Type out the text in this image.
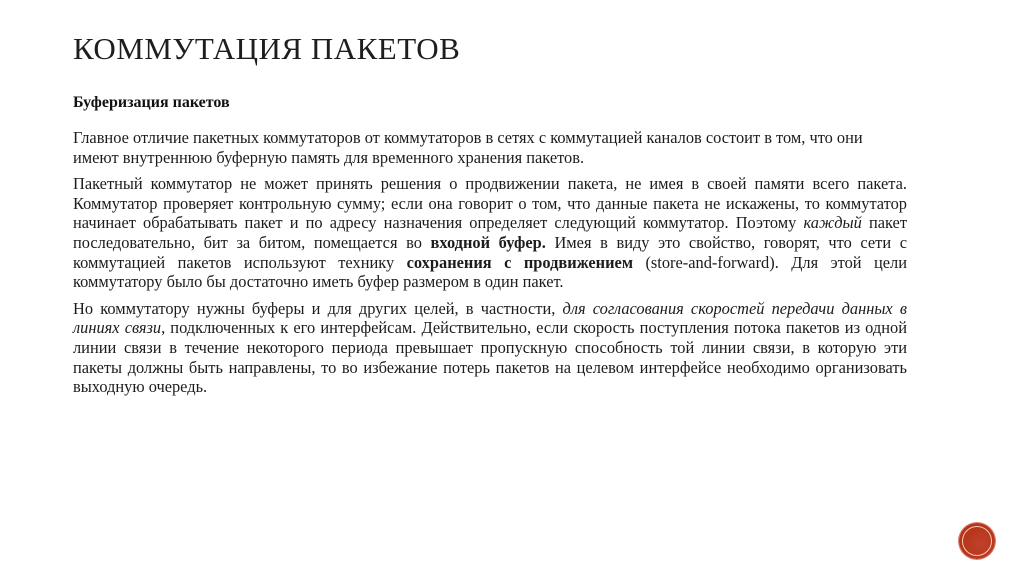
КОММУТАЦИЯ ПАКЕТОВ
Буферизация пакетов

Главное отличие пакетных коммутаторов от коммутаторов в сетях с коммутацией каналов состоит в том, что они имеют внутреннюю буферную память для временного хранения пакетов.

Пакетный коммутатор не может принять решения о продвижении пакета, не имея в своей памяти всего пакета. Коммутатор проверяет контрольную сумму; если она говорит о том, что данные пакета не искажены, то коммутатор начинает обрабатывать пакет и по адресу назначения определяет следующий коммутатор. Поэтому каждый пакет последовательно, бит за битом, помещается во входной буфер. Имея в виду это свойство, говорят, что сети с коммутацией пакетов используют технику сохранения с продвижением (store-and-forward). Для этой цели коммутатору было бы достаточно иметь буфер размером в один пакет.

Но коммутатору нужны буферы и для других целей, в частности, для согласования скоростей передачи данных в линиях связи, подключенных к его интерфейсам. Действительно, если скорость поступления потока пакетов из одной линии связи в течение некоторого периода превышает пропускную способность той линии связи, в которую эти пакеты должны быть направлены, то во избежание потерь пакетов на целевом интерфейсе необходимо организовать выходную очередь.
